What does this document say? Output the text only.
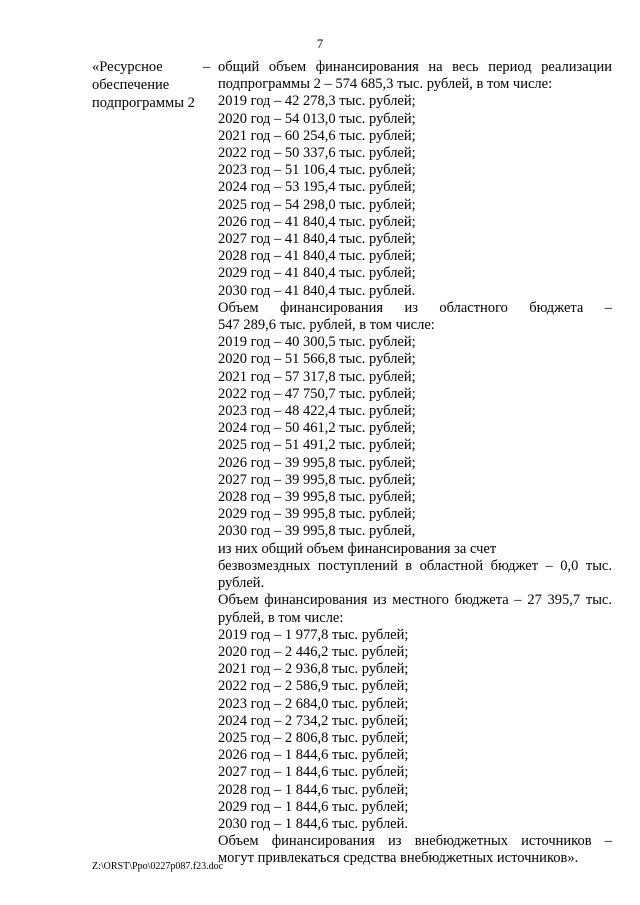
7
«Ресурсное
обеспечение
подпрограммы 2
– общий объем финансирования на весь период реализации
подпрограммы 2 – 574 685,3 тыс. рублей, в том числе:
2019 год – 42 278,3 тыс. рублей;
2020 год – 54 013,0 тыс. рублей;
2021 год – 60 254,6 тыс. рублей;
2022 год – 50 337,6 тыс. рублей;
2023 год – 51 106,4 тыс. рублей;
2024 год – 53 195,4 тыс. рублей;
2025 год – 54 298,0 тыс. рублей;
2026 год – 41 840,4 тыс. рублей;
2027 год – 41 840,4 тыс. рублей;
2028 год – 41 840,4 тыс. рублей;
2029 год – 41 840,4 тыс. рублей;
2030 год – 41 840,4 тыс. рублей.
Объем финансирования из областного бюджета –
547 289,6 тыс. рублей, в том числе:
2019 год – 40 300,5 тыс. рублей;
2020 год – 51 566,8 тыс. рублей;
2021 год – 57 317,8 тыс. рублей;
2022 год – 47 750,7 тыс. рублей;
2023 год – 48 422,4 тыс. рублей;
2024 год – 50 461,2 тыс. рублей;
2025 год – 51 491,2 тыс. рублей;
2026 год – 39 995,8 тыс. рублей;
2027 год – 39 995,8 тыс. рублей;
2028 год – 39 995,8 тыс. рублей;
2029 год – 39 995,8 тыс. рублей;
2030 год – 39 995,8 тыс. рублей,
из них общий объем финансирования за счет
безвозмездных поступлений в областной бюджет – 0,0 тыс.
рублей.
Объем финансирования из местного бюджета – 27 395,7 тыс.
рублей, в том числе:
2019 год – 1 977,8 тыс. рублей;
2020 год – 2 446,2 тыс. рублей;
2021 год – 2 936,8 тыс. рублей;
2022 год – 2 586,9 тыс. рублей;
2023 год – 2 684,0 тыс. рублей;
2024 год – 2 734,2 тыс. рублей;
2025 год – 2 806,8 тыс. рублей;
2026 год – 1 844,6 тыс. рублей;
2027 год – 1 844,6 тыс. рублей;
2028 год – 1 844,6 тыс. рублей;
2029 год – 1 844,6 тыс. рублей;
2030 год – 1 844,6 тыс. рублей.
Объем финансирования из внебюджетных источников –
могут привлекаться средства внебюджетных источников».
Z:\ORST\Ppo\0227p087.f23.doc
